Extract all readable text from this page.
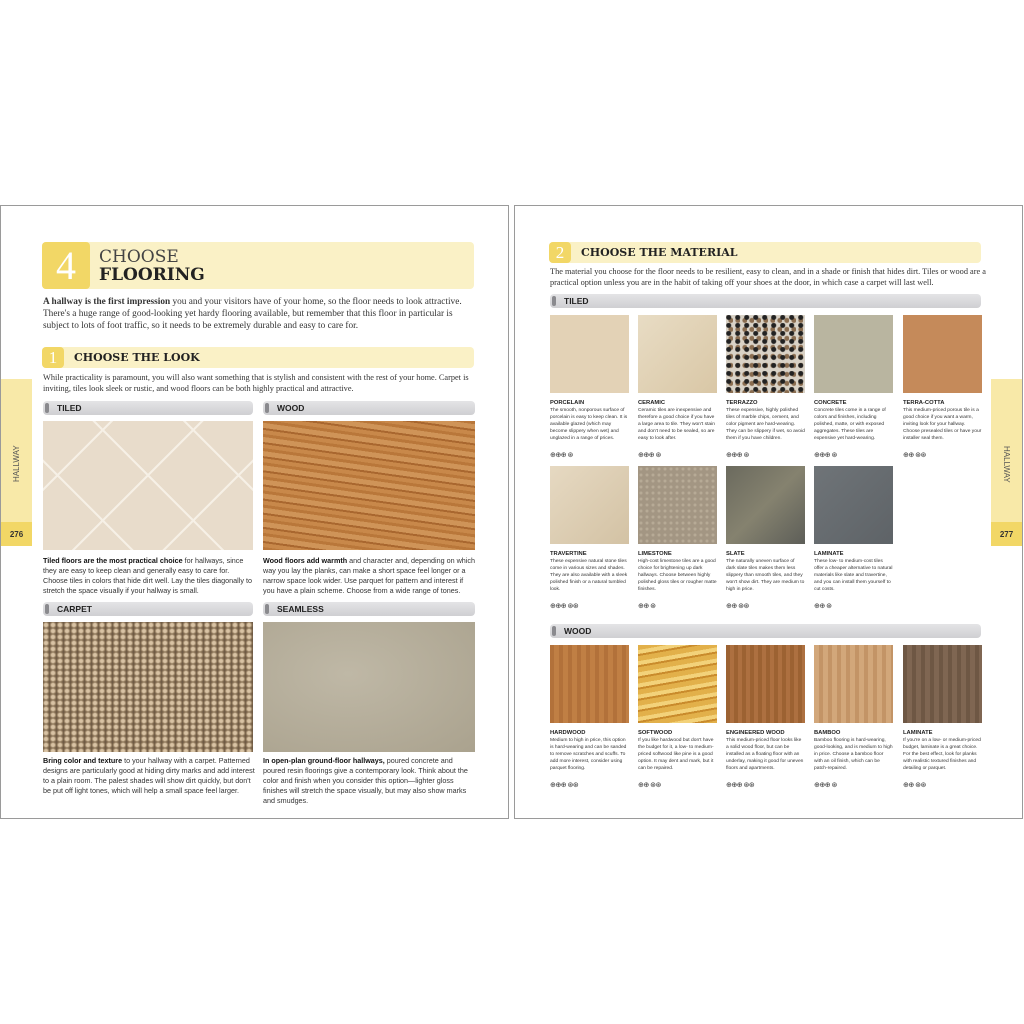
4	CHOOSE
FLOORING
A hallway is the first impression you and your visitors have of your home, so the floor needs to look attractive. There's a huge range of good-looking yet hardy flooring available, but remember that this floor in particular is subject to lots of foot traffic, so it needs to be extremely durable and easy to care for.
1	CHOOSE THE LOOK
While practicality is paramount, you will also want something that is stylish and consistent with the rest of your home. Carpet is inviting, tiles look sleek or rustic, and wood floors can be both highly practical and attractive.
TILED	WOOD
Tiled floors are the most practical choice for hallways, since they are easy to keep clean and generally easy to care for. Choose tiles in colors that hide dirt well. Lay the tiles diagonally to stretch the space visually if your hallway is small.
Wood floors add warmth and character and, depending on which way you lay the planks, can make a short space feel longer or a narrow space look wider. Use parquet for pattern and interest if you have a plain scheme. Choose from a wide range of tones.
CARPET	SEAMLESS
Bring color and texture to your hallway with a carpet. Patterned designs are particularly good at hiding dirty marks and add interest to a plain room. The palest shades will show dirt quickly, but don't be put off light tones, which will help a small space feel larger.
In open-plan ground-floor hallways, poured concrete and poured resin floorings give a contemporary look. Think about the color and finish when you consider this option—lighter gloss finishes will stretch the space visually, but may also show marks and smudges.
HALLWAY
276
2	CHOOSE THE MATERIAL
The material you choose for the floor needs to be resilient, easy to clean, and in a shade or finish that hides dirt. Tiles or wood are a practical option unless you are in the habit of taking off your shoes at the door, in which case a carpet will last well.
TILED
WOOD
PORCELAIN
The smooth, nonporous surface of porcelain is easy to keep clean. It is available glazed (which may become slippery when wet) and unglazed in a range of prices.
⊕⊕⊕ ⊛
CERAMIC
Ceramic tiles are inexpensive and therefore a good choice if you have a large area to tile. They won't stain and don't need to be sealed, so are easy to look after.
⊕⊕⊕ ⊛
TERRAZZO
These expensive, highly polished tiles of marble chips, cement, and color pigment are hard-wearing. They can be slippery if wet, so avoid them if you have children.
⊕⊕⊕ ⊛
CONCRETE
Concrete tiles come in a range of colors and finishes, including polished, matte, or with exposed aggregates. These tiles are expensive yet hard-wearing.
⊕⊕⊕ ⊛
TERRA-COTTA
This medium-priced porous tile is a good choice if you want a warm, inviting look for your hallway. Choose presealed tiles or have your installer seal them.
⊕⊕ ⊛⊛
TRAVERTINE
These expensive natural stone tiles come in various sizes and shades. They are also available with a sleek polished finish or a natural tumbled look.
⊕⊕⊕ ⊛⊛
LIMESTONE
High-cost limestone tiles are a good choice for brightening up dark hallways. Choose between highly polished gloss tiles or rougher matte finishes.
⊕⊕ ⊛
SLATE
The naturally uneven surface of dark slate tiles makes them less slippery than smooth tiles, and they won't show dirt. They are medium to high in price.
⊕⊕ ⊛⊛
LAMINATE
These low- to medium-cost tiles offer a cheaper alternative to natural materials like slate and travertine, and you can install them yourself to cut costs.
⊕⊕ ⊛
HARDWOOD
Medium to high in price, this option is hard-wearing and can be sanded to remove scratches and scuffs. To add more interest, consider using parquet flooring.
⊕⊕⊕ ⊛⊛
SOFTWOOD
If you like hardwood but don't have the budget for it, a low- to medium-priced softwood like pine is a good option. It may dent and mark, but it can be repaired.
⊕⊕ ⊛⊛
ENGINEERED WOOD
This medium-priced floor looks like a solid wood floor, but can be installed as a floating floor with an underlay, making it good for uneven floors and apartments.
⊕⊕⊕ ⊛⊛
BAMBOO
Bamboo flooring is hard-wearing, good-looking, and is medium to high in price. Choose a bamboo floor with an oil finish, which can be patch-repaired.
⊕⊕⊕ ⊛
LAMINATE
If you're on a low- or medium-priced budget, laminate is a great choice. For the best effect, look for planks with realistic textured finishes and detailing or parquet.
⊕⊕ ⊛⊛
HALLWAY
277
